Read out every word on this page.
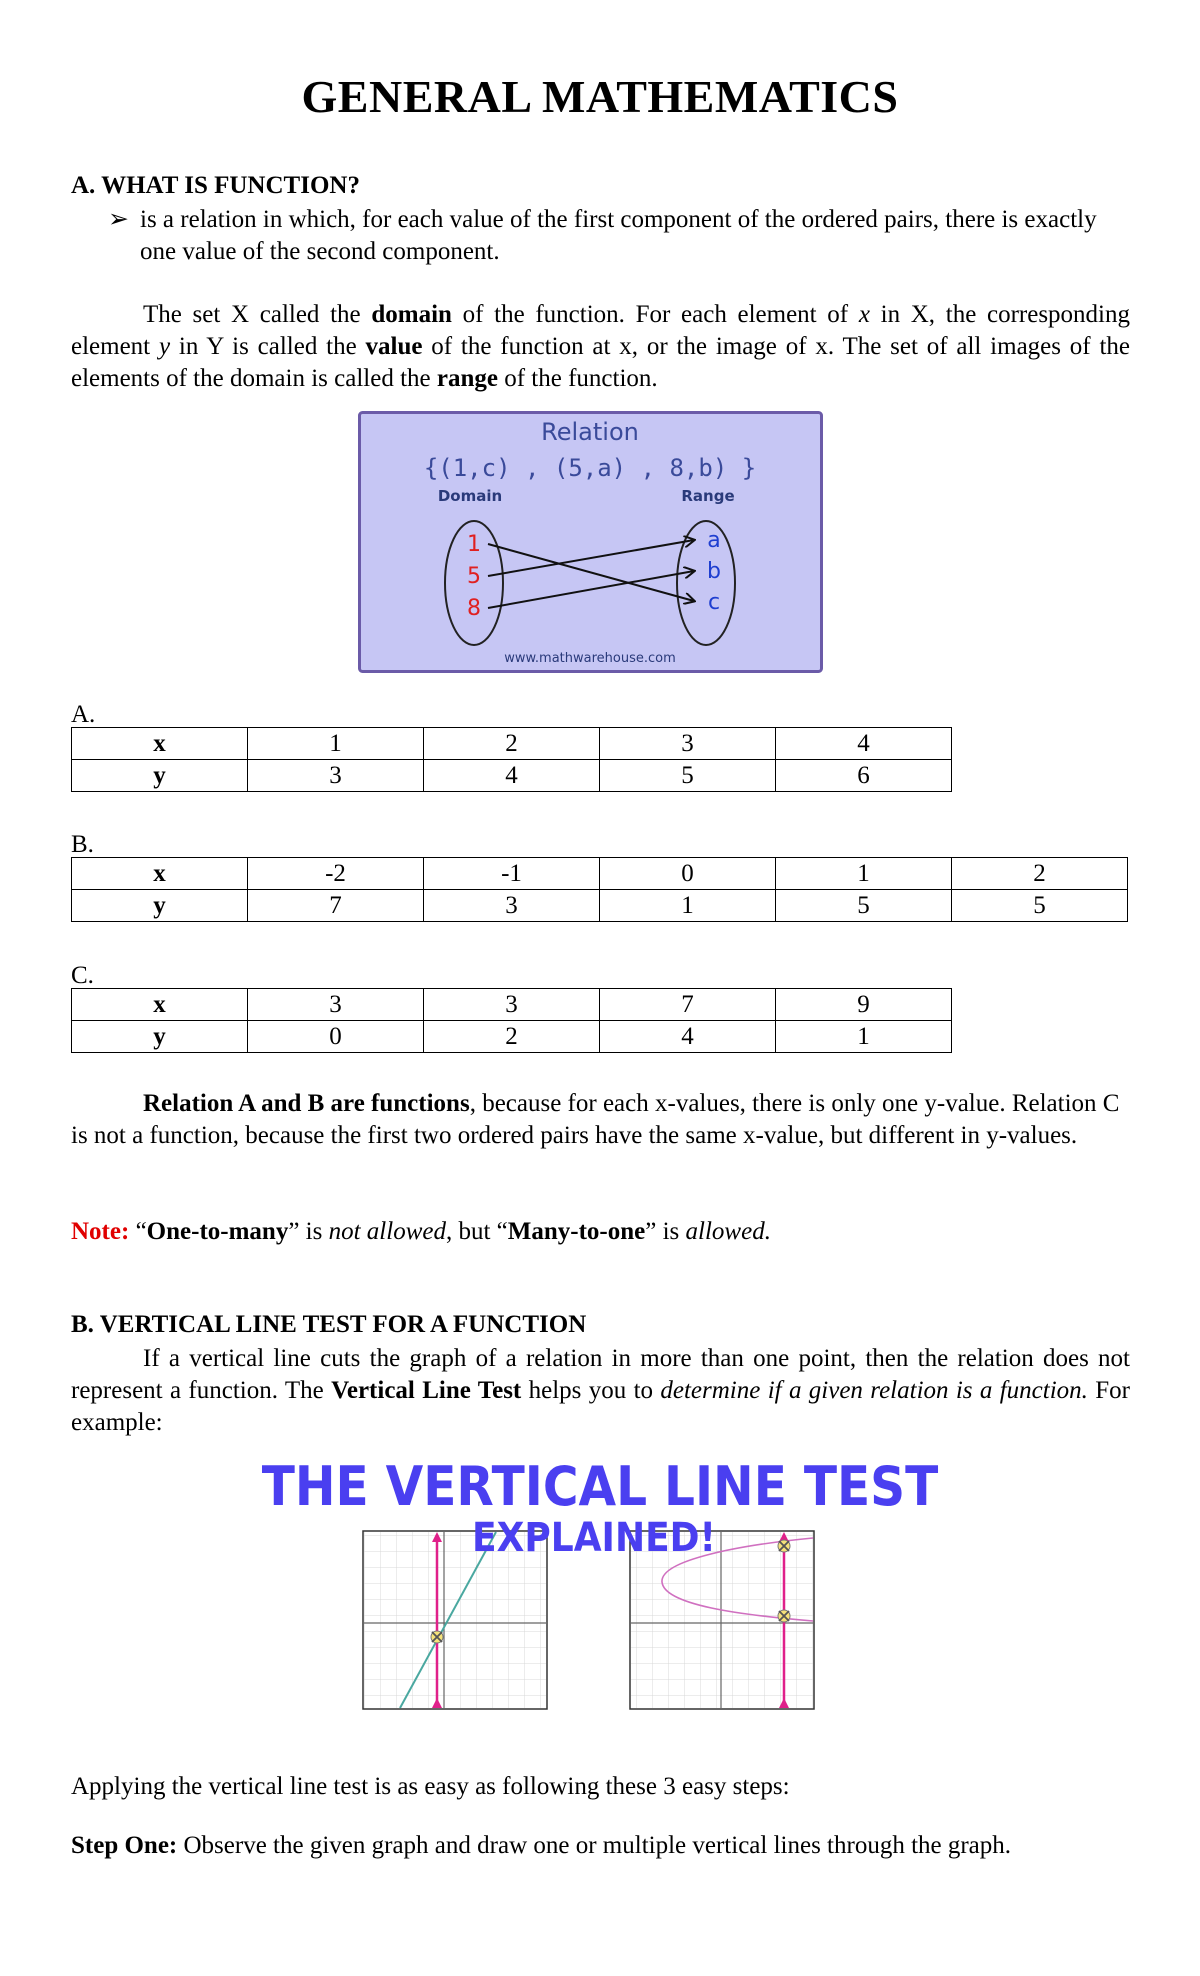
GENERAL MATHEMATICS
A. WHAT IS FUNCTION?
➢ is a relation in which, for each value of the first component of the ordered pairs, there is exactly one value of the second component.
The set X called the domain of the function. For each element of x in X, the corresponding element y in Y is called the value of the function at x, or the image of x. The set of all images of the elements of the domain is called the range of the function.
Relation
{(1,c) , (5,a) , 8,b) }
Domain	Range
1
5
8
a
b
c
www.mathwarehouse.com
A.
x	1	2	3	4
y	3	4	5	6
B.
x	-2	-1	0	1	2
y	7	3	1	5	5
C.
x	3	3	7	9
y	0	2	4	1
Relation A and B are functions, because for each x-values, there is only one y-value. Relation C is not a function, because the first two ordered pairs have the same x-value, but different in y-values.
Note: “One-to-many” is not allowed, but “Many-to-one” is allowed.
B. VERTICAL LINE TEST FOR A FUNCTION
If a vertical line cuts the graph of a relation in more than one point, then the relation does not represent a function. The Vertical Line Test helps you to determine if a given relation is a function. For example:
THE VERTICAL LINE TEST
EXPLAINED!
Applying the vertical line test is as easy as following these 3 easy steps:
Step One: Observe the given graph and draw one or multiple vertical lines through the graph.
